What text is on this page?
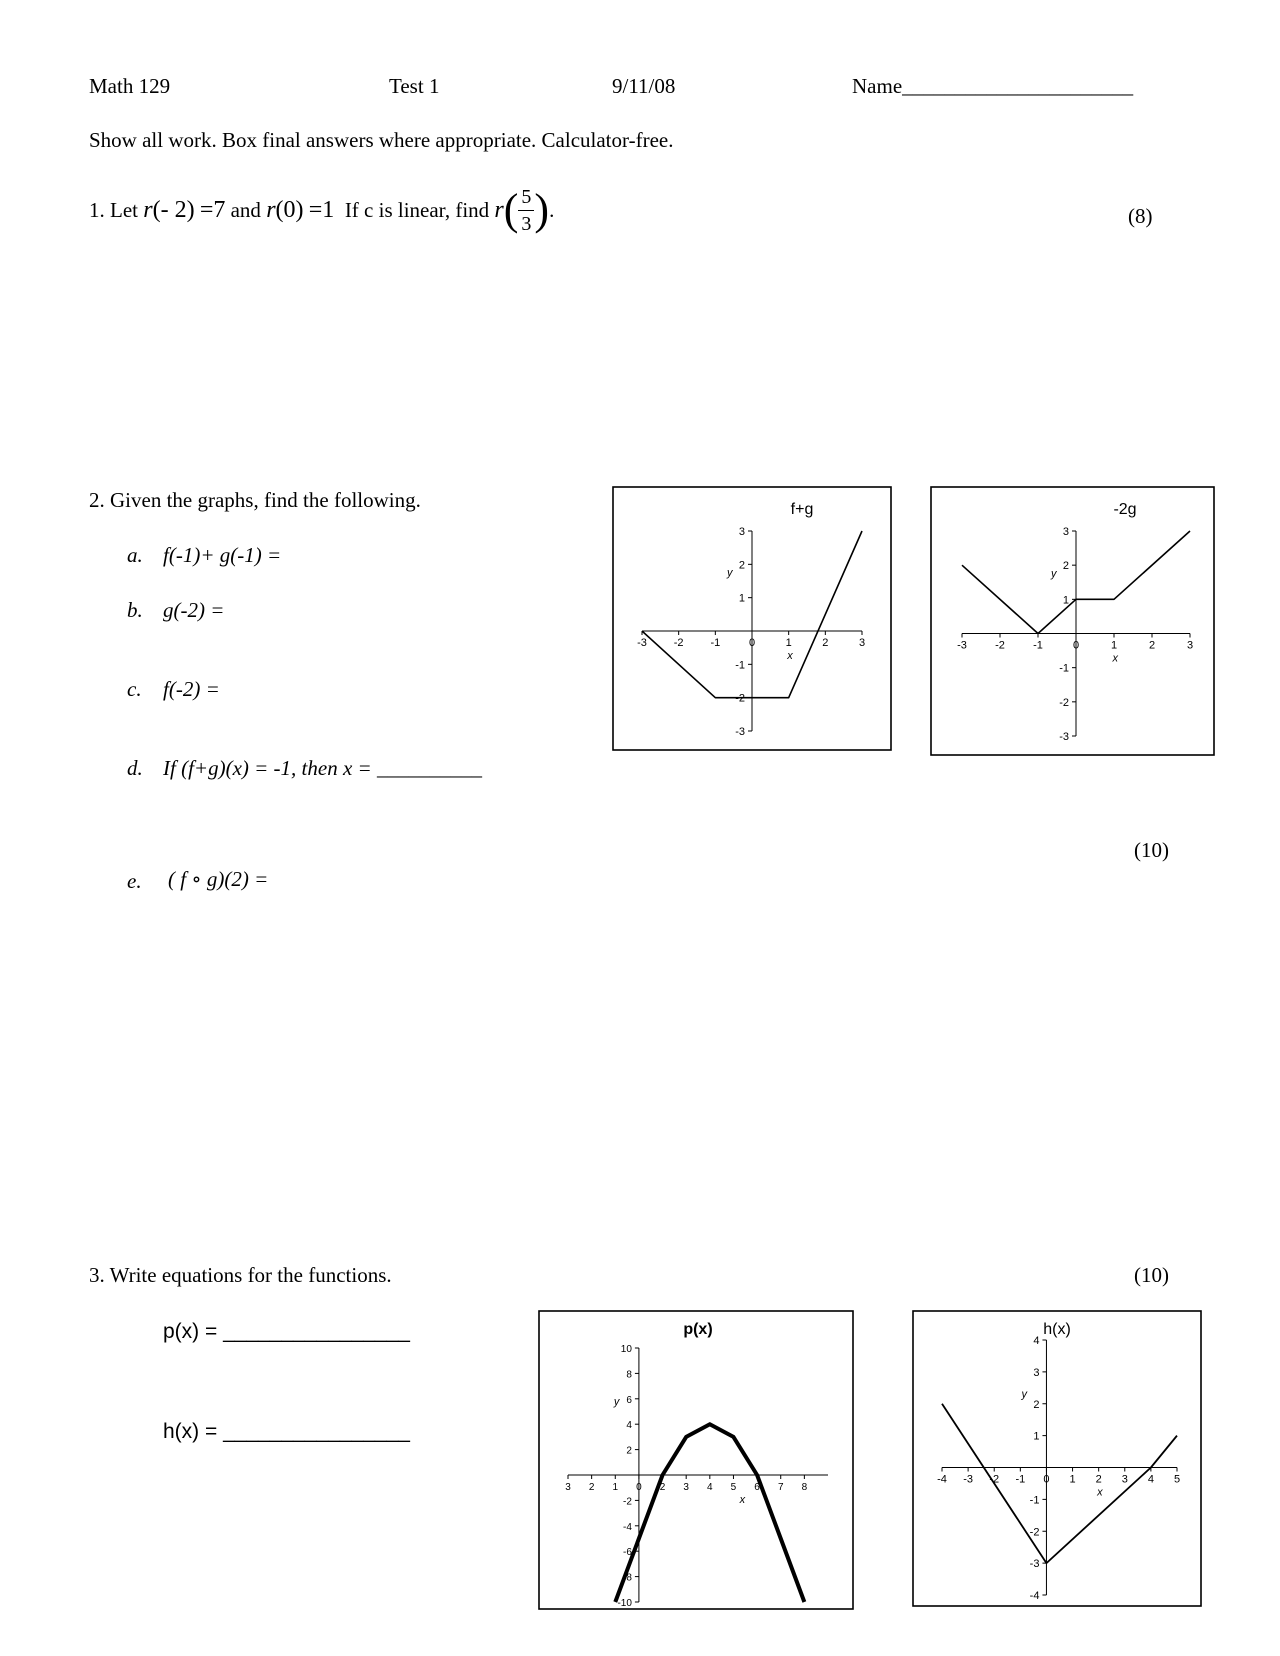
Math 129	Test 1	9/11/08	Name______________________
Show all work. Box final answers where appropriate. Calculator-free.
1. Let
r (- 2)
=7
and
r (0)
=1
If c is linear, find
r ( $\frac{5}{3}$ ) .	(8)
2. Given the graphs, find the following.
a. f(-1)+ g(-1) =
b. g(-2) =
c. f(-2) =
d. If (f+g)(x) = -1, then x = __________
e. ( f ∘ g)(2) =
(10)
3. Write equations for the functions.	(10)
p(x) = ________________
h(x) = ________________
f+g
-3 -2 -1	0	1	2	3
3
2
1
-1
-2
-3
y
x
-2g
-3	-2	-1	0	1	2	3
3
2
1
-1
-2
-3
y
x
p(x)
3 2 1 0 2 3 4 5 6 7 8
10
8
6
4
2
-2
-4
-6
-8
-10
y
x
h(x)
-4 -3 -2 -1 0 1 2 3 4 5
4
3
2
1
-1
-2
-3
-4
y
x
